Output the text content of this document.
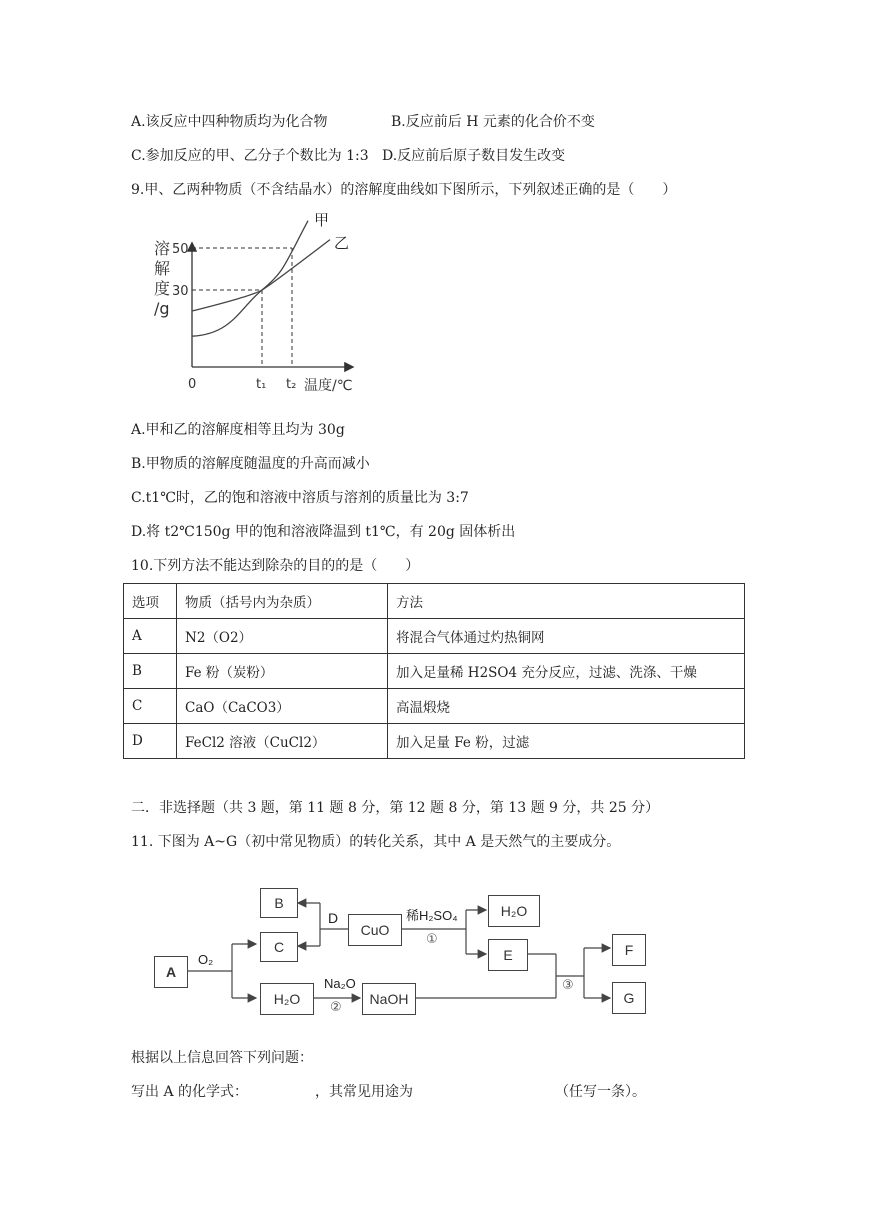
A.该反应中四种物质均为化合物	B.反应前后 H 元素的化合价不变
C.参加反应的甲、乙分子个数比为 1:3   D.反应前后原子数目发生改变
9.甲、乙两种物质（不含结晶水）的溶解度曲线如下图所示，下列叙述正确的是（　　）
甲
乙
溶 解 度 /g
50
30
0	t₁ t₂ 温度/℃
A.甲和乙的溶解度相等且均为 30g
B.甲物质的溶解度随温度的升高而减小
C.t1℃时，乙的饱和溶液中溶质与溶剂的质量比为 3:7
D.将 t2℃150g 甲的饱和溶液降温到 t1℃，有 20g 固体析出
10.下列方法不能达到除杂的目的的是（　　）
选项	物质（括号内为杂质）	方法
A	N2（O2）	将混合气体通过灼热铜网
B	Fe 粉（炭粉）	加入足量稀 H2SO4 充分反应，过滤、洗涤、干燥
C	CaO（CaCO3）	高温煅烧
D	FeCl2 溶液（CuCl2）	加入足量 Fe 粉，过滤
二．非选择题（共 3 题，第 11 题 8 分，第 12 题 8 分，第 13 题 9 分，共 25 分）
11. 下图为 A~G（初中常见物质）的转化关系，其中 A 是天然气的主要成分。
A
B
C
CuO
H₂O
E	F
G
H₂O	NaOH
O₂
D	稀H₂SO₄
①
Na₂O
②
③
根据以上信息回答下列问题：
写出 A 的化学式：	，其常见用途为	（任写一条）。
